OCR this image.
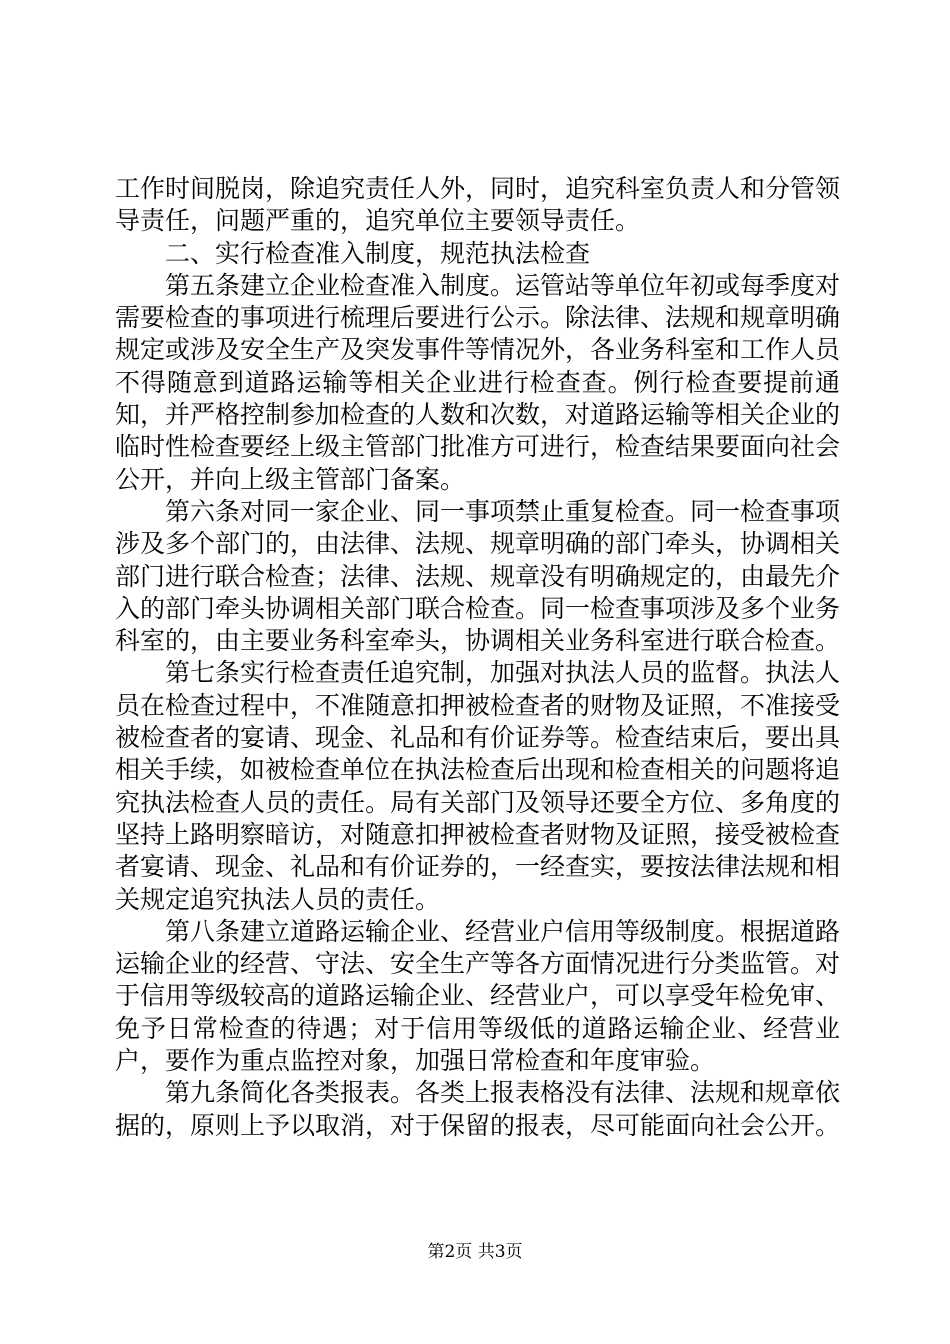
工作时间脱岗，除追究责任人外，同时，追究科室负责人和分管领导责任，问题严重的，追究单位主要领导责任。

二、实行检查准入制度，规范执法检查

第五条建立企业检查准入制度。运管站等单位年初或每季度对需要检查的事项进行梳理后要进行公示。除法律、法规和规章明确规定或涉及安全生产及突发事件等情况外，各业务科室和工作人员不得随意到道路运输等相关企业进行检查查。例行检查要提前通知，并严格控制参加检查的人数和次数，对道路运输等相关企业的临时性检查要经上级主管部门批准方可进行，检查结果要面向社会公开，并向上级主管部门备案。

第六条对同一家企业、同一事项禁止重复检查。同一检查事项涉及多个部门的，由法律、法规、规章明确的部门牵头，协调相关部门进行联合检查；法律、法规、规章没有明确规定的，由最先介入的部门牵头协调相关部门联合检查。同一检查事项涉及多个业务科室的，由主要业务科室牵头，协调相关业务科室进行联合检查。

第七条实行检查责任追究制，加强对执法人员的监督。执法人员在检查过程中，不准随意扣押被检查者的财物及证照，不准接受被检查者的宴请、现金、礼品和有价证券等。检查结束后，要出具相关手续，如被检查单位在执法检查后出现和检查相关的问题将追究执法检查人员的责任。局有关部门及领导还要全方位、多角度的坚持上路明察暗访，对随意扣押被检查者财物及证照，接受被检查者宴请、现金、礼品和有价证券的，一经查实，要按法律法规和相关规定追究执法人员的责任。

第八条建立道路运输企业、经营业户信用等级制度。根据道路运输企业的经营、守法、安全生产等各方面情况进行分类监管。对于信用等级较高的道路运输企业、经营业户，可以享受年检免审、免予日常检查的待遇；对于信用等级低的道路运输企业、经营业户，要作为重点监控对象，加强日常检查和年度审验。

第九条简化各类报表。各类上报表格没有法律、法规和规章依据的，原则上予以取消，对于保留的报表，尽可能面向社会公开。

第2页 共3页
